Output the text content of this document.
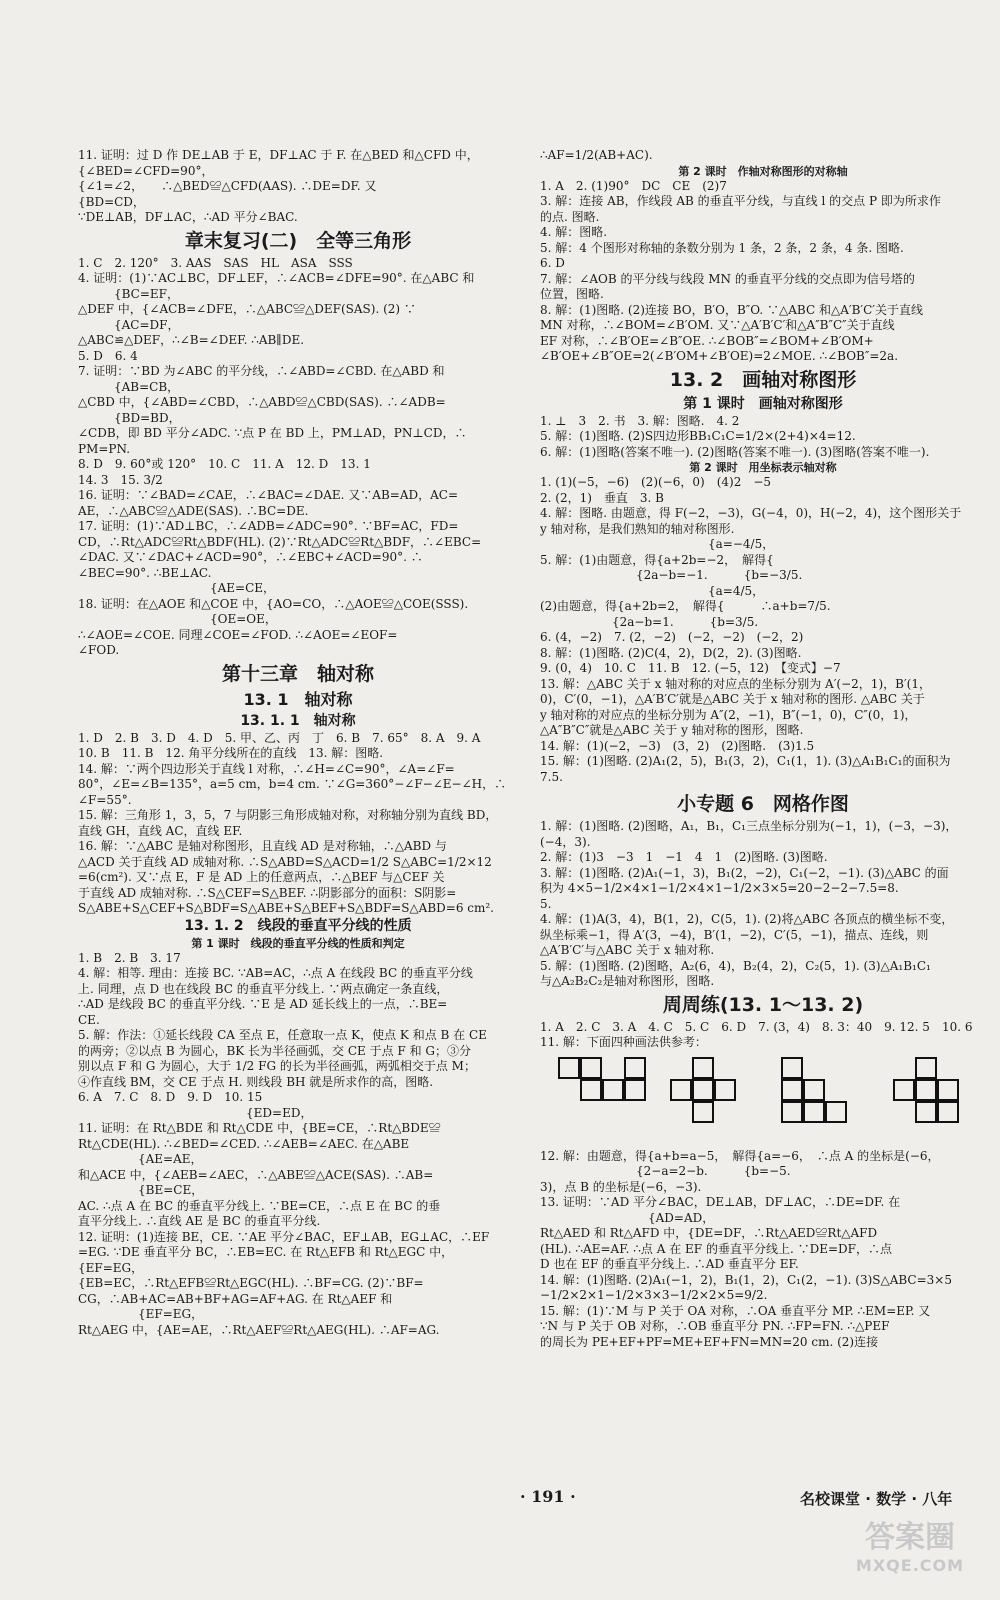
11. 证明：过 D 作 DE⊥AB 于 E，DF⊥AC 于 F. 在△BED 和△CFD 中，
{∠BED=∠CFD=90°，
{∠1=∠2，　　∴△BED≌△CFD(AAS). ∴DE=DF. 又
{BD=CD，
∵DE⊥AB，DF⊥AC，∴AD 平分∠BAC.
章末复习(二)　全等三角形
1. C　2. 120°　3. AAS　SAS　HL　ASA　SSS
4. 证明：(1)∵AC⊥BC，DF⊥EF，∴∠ACB=∠DFE=90°. 在△ABC 和
　　　{BC=EF，
△DEF 中，{∠ACB=∠DFE，∴△ABC≌△DEF(SAS). (2) ∵
　　　{AC=DF，
△ABC≌△DEF，∴∠B=∠DEF. ∴AB∥DE.
5. D　6. 4
7. 证明：∵BD 为∠ABC 的平分线，∴∠ABD=∠CBD. 在△ABD 和
　　　{AB=CB，
△CBD 中，{∠ABD=∠CBD，∴△ABD≌△CBD(SAS). ∴∠ADB=
　　　{BD=BD，
∠CDB，即 BD 平分∠ADC. ∵点 P 在 BD 上，PM⊥AD，PN⊥CD，∴
PM=PN.
8. D　9. 60°或 120°　10. C　11. A　12. D　13. 1
14. 3　15. 3/2
16. 证明：∵∠BAD=∠CAE，∴∠BAC=∠DAE. 又∵AB=AD，AC=
AE，∴△ABC≌△ADE(SAS). ∴BC=DE.
17. 证明：(1)∵AD⊥BC，∴∠ADB=∠ADC=90°. ∵BF=AC，FD=
CD，∴Rt△ADC≌Rt△BDF(HL). (2)∵Rt△ADC≌Rt△BDF，∴∠EBC=
∠DAC. 又∵∠DAC+∠ACD=90°，∴∠EBC+∠ACD=90°. ∴
∠BEC=90°. ∴BE⊥AC.
　　　　　　　　　　　{AE=CE，
18. 证明：在△AOE 和△COE 中，{AO=CO，∴△AOE≌△COE(SSS).
　　　　　　　　　　　{OE=OE，
∴∠AOE=∠COE. 同理∠COE=∠FOD. ∴∠AOE=∠EOF=
∠FOD.
第十三章　轴对称
13. 1　轴对称
13. 1. 1　轴对称
1. D　2. B　3. D　4. D　5. 甲、乙、丙　丁　6. B　7. 65°　8. A　9. A
10. B　11. B　12. 角平分线所在的直线　13. 解：图略.
14. 解：∵两个四边形关于直线 l 对称，∴∠H=∠C=90°，∠A=∠F=
80°，∠E=∠B=135°，a=5 cm，b=4 cm. ∵∠G=360°−∠F−∠E−∠H，∴
∠F=55°.
15. 解：三角形 1，3，5，7 与阴影三角形成轴对称，对称轴分别为直线 BD，
直线 GH，直线 AC，直线 EF.
16. 解：∵△ABC 是轴对称图形，且直线 AD 是对称轴，∴△ABD 与
△ACD 关于直线 AD 成轴对称. ∴S△ABD=S△ACD=1/2 S△ABC=1/2×12
=6(cm²). 又∵点 E，F 是 AD 上的任意两点，∴△BEF 与△CEF 关
于直线 AD 成轴对称. ∴S△CEF=S△BEF. ∴阴影部分的面积：S阴影=
S△ABE+S△CEF+S△BDF=S△ABE+S△BEF+S△BDF=S△ABD=6 cm².
13. 1. 2　线段的垂直平分线的性质
第 1 课时　线段的垂直平分线的性质和判定
1. B　2. B　3. 17
4. 解：相等. 理由：连接 BC. ∵AB=AC，∴点 A 在线段 BC 的垂直平分线
上. 同理，点 D 也在线段 BC 的垂直平分线上. ∵两点确定一条直线，
∴AD 是线段 BC 的垂直平分线. ∵E 是 AD 延长线上的一点，∴BE=
CE.
5. 解：作法：①延长线段 CA 至点 E，任意取一点 K，使点 K 和点 B 在 CE
的两旁；②以点 B 为圆心，BK 长为半径画弧，交 CE 于点 F 和 G；③分
别以点 F 和 G 为圆心，大于 1/2 FG 的长为半径画弧，两弧相交于点 M；
④作直线 BM，交 CE 于点 H. 则线段 BH 就是所求作的高，图略.
6. A　7. C　8. D　9. D　10. 15
　　　　　　　　　　　　　　{ED=ED，
11. 证明：在 Rt△BDE 和 Rt△CDE 中，{BE=CE，∴Rt△BDE≌
Rt△CDE(HL). ∴∠BED=∠CED. ∴∠AEB=∠AEC. 在△ABE
　　　　　{AE=AE，
和△ACE 中，{∠AEB=∠AEC，∴△ABE≌△ACE(SAS). ∴AB=
　　　　　{BE=CE，
AC. ∴点 A 在 BC 的垂直平分线上. ∵BE=CE，∴点 E 在 BC 的垂
直平分线上. ∴直线 AE 是 BC 的垂直平分线.
12. 证明：(1)连接 BE，CE. ∵AE 平分∠BAC，EF⊥AB，EG⊥AC，∴EF
=EG. ∵DE 垂直平分 BC，∴EB=EC. 在 Rt△EFB 和 Rt△EGC 中，
{EF=EG，
{EB=EC，∴Rt△EFB≌Rt△EGC(HL). ∴BF=CG. (2)∵BF=
CG，∴AB+AC=AB+BF+AG=AF+AG. 在 Rt△AEF 和
　　　　　{EF=EG，
Rt△AEG 中，{AE=AE，∴Rt△AEF≌Rt△AEG(HL). ∴AF=AG.
∴AF=1/2(AB+AC).
第 2 课时　作轴对称图形的对称轴
1. A　2. (1)90°　DC　CE　(2)7
3. 解：连接 AB，作线段 AB 的垂直平分线，与直线 l 的交点 P 即为所求作
的点. 图略.
4. 解：图略.
5. 解：4 个图形对称轴的条数分别为 1 条，2 条，2 条，4 条. 图略.
6. D
7. 解：∠AOB 的平分线与线段 MN 的垂直平分线的交点即为信号塔的
位置，图略.
8. 解：(1)图略. (2)连接 BO，B′O，B″O. ∵△ABC 和△A′B′C′关于直线
MN 对称，∴∠BOM=∠B′OM. 又∵△A′B′C′和△A″B″C″关于直线
EF 对称，∴∠B′OE=∠B″OE. ∴∠BOB″=∠BOM+∠B′OM+
∠B′OE+∠B″OE=2(∠B′OM+∠B′OE)=2∠MOE. ∴∠BOB″=2a.
13. 2　画轴对称图形
第 1 课时　画轴对称图形
1. ⊥　3　2. 书　3. 解：图略.　4. 2
5. 解：(1)图略. (2)S四边形BB₁C₁C=1/2×(2+4)×4=12.
6. 解：(1)图略(答案不唯一). (2)图略(答案不唯一). (3)图略(答案不唯一).
第 2 课时　用坐标表示轴对称
1. (1)(−5，−6)　(2)(−6，0)　(4)2　−5
2. (2，1)　垂直　3. B
4. 解：图略. 由题意，得 F(−2，−3)，G(−4，0)，H(−2，4)，这个图形关于
y 轴对称，是我们熟知的轴对称图形.
　　　　　　　　　　　　　　{a=−4/5，
5. 解：(1)由题意，得{a+2b=−2，　解得{
　　　　　　　　{2a−b=−1.　　　{b=−3/5.
　　　　　　　　　　　　　　{a=4/5，
(2)由题意，得{a+2b=2，　解得{　　　∴a+b=7/5.
　　　　　　{2a−b=1.　　　{b=3/5.
6. (4，−2)　7. (2，−2)　(−2，−2)　(−2，2)
8. 解：(1)图略. (2)C(4，2)，D(2，2). (3)图略.
9. (0，4)　10. C　11. B　12. (−5，12)　【变式】−7
13. 解：△ABC 关于 x 轴对称的对应点的坐标分别为 A′(−2，1)，B′(1，
0)，C′(0，−1)，△A′B′C′就是△ABC 关于 x 轴对称的图形. △ABC 关于
y 轴对称的对应点的坐标分别为 A″(2，−1)，B″(−1，0)，C″(0，1)，
△A″B″C″就是△ABC 关于 y 轴对称的图形，图略.
14. 解：(1)(−2，−3)　(3，2)　(2)图略.　(3)1.5
15. 解：(1)图略. (2)A₁(2，5)，B₁(3，2)，C₁(1，1). (3)△A₁B₁C₁的面积为
7.5.
小专题 6　网格作图
1. 解：(1)图略. (2)图略，A₁，B₁，C₁三点坐标分别为(−1，1)，(−3，−3)，
(−4，3).
2. 解：(1)3　−3　1　−1　4　1　(2)图略. (3)图略.
3. 解：(1)图略. (2)A₁(−1，3)，B₁(2，−2)，C₁(−2，−1). (3)△ABC 的面
积为 4×5−1/2×4×1−1/2×4×1−1/2×3×5=20−2−2−7.5=8.
5.
4. 解：(1)A(3，4)，B(1，2)，C(5，1). (2)将△ABC 各顶点的横坐标不变，
纵坐标乘−1，得 A′(3，−4)，B′(1，−2)，C′(5，−1)，描点、连线，则
△A′B′C′与△ABC 关于 x 轴对称.
5. 解：(1)图略. (2)图略，A₂(6，4)，B₂(4，2)，C₂(5，1). (3)△A₁B₁C₁
与△A₂B₂C₂是轴对称图形，图略.
周周练(13. 1～13. 2)
1. A　2. C　3. A　4. C　5. C　6. D　7. (3，4)　8. 3：40　9. 12. 5　10. 6
11. 解：下面四种画法供参考：
12. 解：由题意，得{a+b=a−5，　解得{a=−6，　∴点 A 的坐标是(−6，
　　　　　　　　{2−a=2−b.　　　{b=−5.
3)，点 B 的坐标是(−6，−3).
13. 证明：∵AD 平分∠BAC，DE⊥AB，DF⊥AC，∴DE=DF. 在
　　　　　　　　　{AD=AD，
Rt△AED 和 Rt△AFD 中，{DE=DF，∴Rt△AED≌Rt△AFD
(HL). ∴AE=AF. ∴点 A 在 EF 的垂直平分线上. ∵DE=DF，∴点
D 也在 EF 的垂直平分线上. ∴AD 垂直平分 EF.
14. 解：(1)图略. (2)A₁(−1，2)，B₁(1，2)，C₁(2，−1). (3)S△ABC=3×5
−1/2×2×1−1/2×3×3−1/2×2×5=9/2.
15. 解：(1)∵M 与 P 关于 OA 对称，∴OA 垂直平分 MP. ∴EM=EP. 又
∵N 与 P 关于 OB 对称，∴OB 垂直平分 PN. ∴FP=FN. ∴△PEF
的周长为 PE+EF+PF=ME+EF+FN=MN=20 cm. (2)连接
· 191 ·	名校课堂 · 数学 · 八年
答案圈
MXQE.COM
